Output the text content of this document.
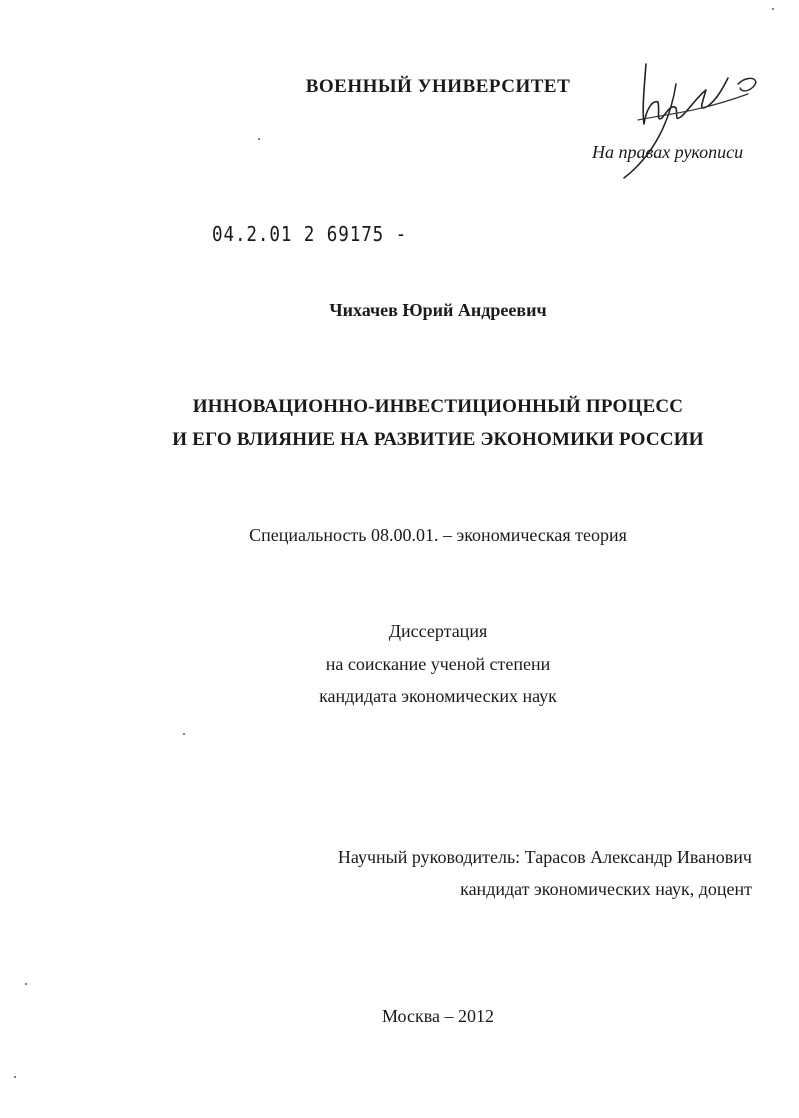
ВОЕННЫЙ УНИВЕРСИТЕТ
На правах рукописи
04.2.01 2 69175 -
Чихачев Юрий Андреевич
ИННОВАЦИОННО-ИНВЕСТИЦИОННЫЙ ПРОЦЕСС
И ЕГО ВЛИЯНИЕ НА РАЗВИТИЕ ЭКОНОМИКИ РОССИИ
Специальность 08.00.01. – экономическая теория
Диссертация
на соискание ученой степени
кандидата экономических наук
Научный руководитель: Тарасов Александр Иванович
кандидат экономических наук, доцент
Москва – 2012
